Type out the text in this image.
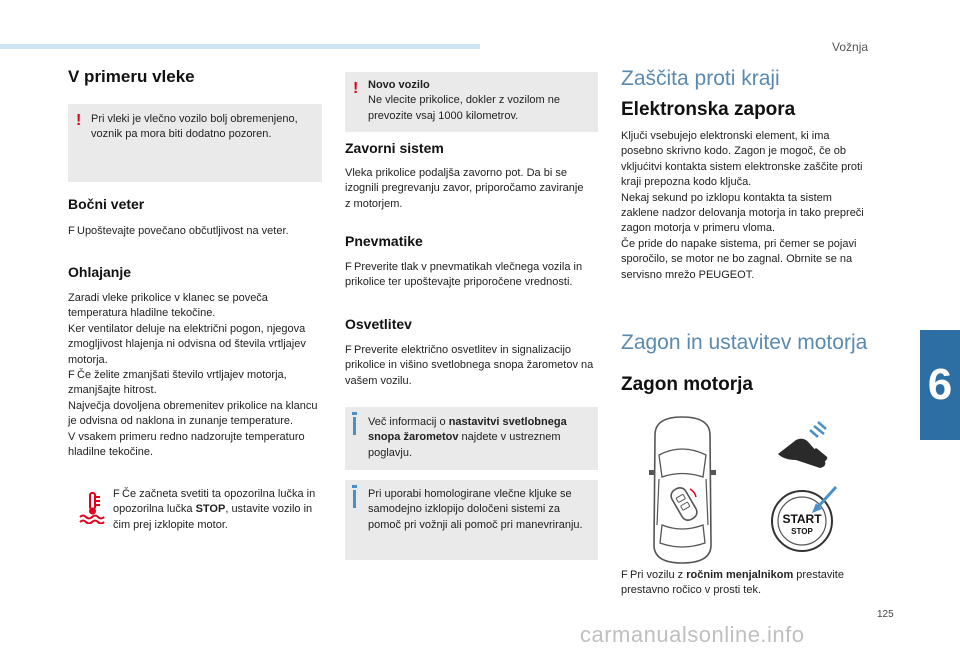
Vožnja
6
125
V primeru vleke
! Pri vleki je vlečno vozilo bolj obremenjeno, voznik pa mora biti dodatno pozoren.
Bočni veter
F Upoštevajte povečano občutljivost na veter.
Ohlajanje
Zaradi vleke prikolice v klanec se poveča temperatura hladilne tekočine.
Ker ventilator deluje na električni pogon, njegova zmogljivost hlajenja ni odvisna od števila vrtljajev motorja.
F Če želite zmanjšati število vrtljajev motorja, zmanjšajte hitrost.
Največja dovoljena obremenitev prikolice na klancu je odvisna od naklona in zunanje temperature.
V vsakem primeru redno nadzorujte temperaturo hladilne tekočine.
F Če začneta svetiti ta opozorilna lučka in opozorilna lučka STOP, ustavite vozilo in čim prej izklopite motor.
! Novo vozilo
Ne vlecite prikolice, dokler z vozilom ne prevozite vsaj 1000 kilometrov.
Zavorni sistem
Vleka prikolice podaljša zavorno pot. Da bi se izognili pregrevanju zavor, priporočamo zaviranje z motorjem.
Pnevmatike
F Preverite tlak v pnevmatikah vlečnega vozila in prikolice ter upoštevajte priporočene vrednosti.
Osvetlitev
F Preverite električno osvetlitev in signalizacijo prikolice in višino svetlobnega snopa žarometov na vašem vozilu.
Več informacij o nastavitvi svetlobnega snopa žarometov najdete v ustreznem poglavju.
Pri uporabi homologirane vlečne kljuke se samodejno izklopijo določeni sistemi za pomoč pri vožnji ali pomoč pri manevriranju.
Zaščita proti kraji
Elektronska zapora
Ključi vsebujejo elektronski element, ki ima posebno skrivno kodo. Zagon je mogoč, če ob vkljućitvi kontakta sistem elektronske zaščite proti kraji prepozna kodo ključa.
Nekaj sekund po izklopu kontakta ta sistem zaklene nadzor delovanja motorja in tako prepreči zagon motorja v primeru vloma.
Če pride do napake sistema, pri čemer se pojavi sporočilo, se motor ne bo zagnal. Obrnite se na servisno mrežo PEUGEOT.
Zagon in ustavitev motorja
Zagon motorja
START
STOP
F Pri vozilu z ročnim menjalnikom prestavite prestavno ročico v prosti tek.
carmanualsonline.info
